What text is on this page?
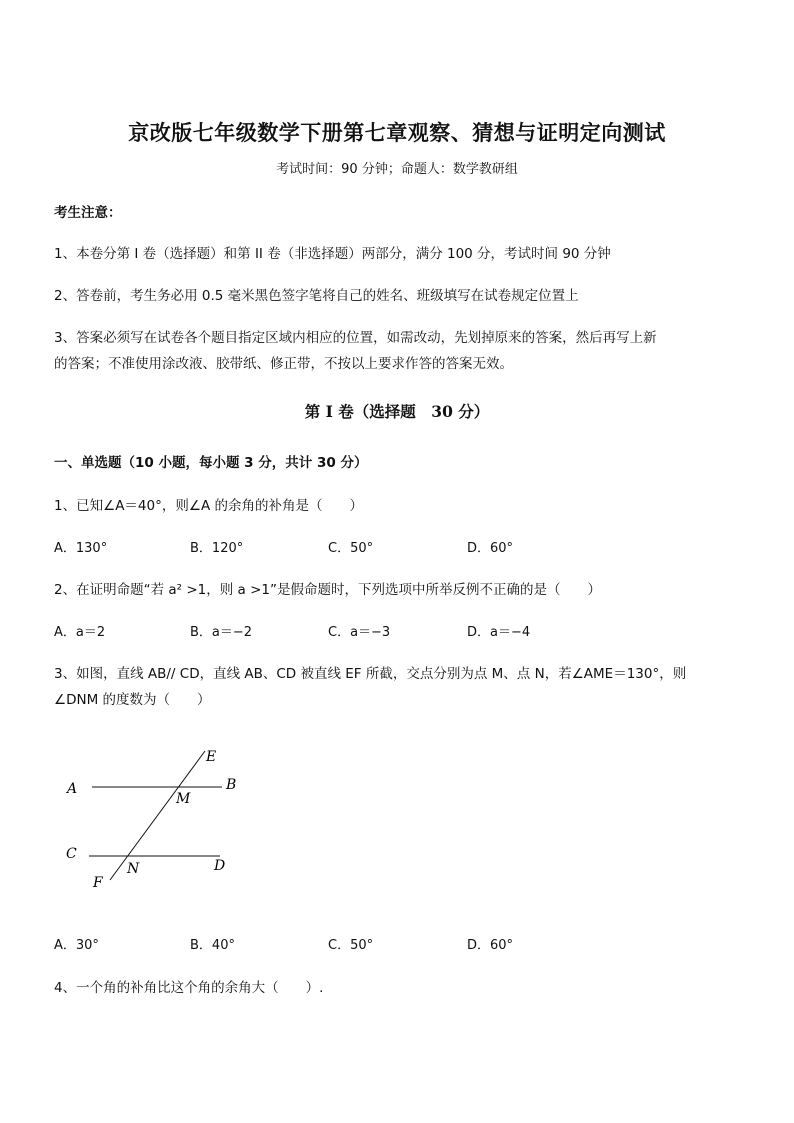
京改版七年级数学下册第七章观察、猜想与证明定向测试
考试时间：90 分钟；命题人：数学教研组
考生注意：
1、本卷分第 I 卷（选择题）和第 II 卷（非选择题）两部分，满分 100 分，考试时间 90 分钟
2、答卷前，考生务必用 0.5 毫米黑色签字笔将自己的姓名、班级填写在试卷规定位置上
3、答案必须写在试卷各个题目指定区域内相应的位置，如需改动，先划掉原来的答案，然后再写上新
的答案；不准使用涂改液、胶带纸、修正带，不按以上要求作答的答案无效。
第 I 卷（选择题　30 分）
一、单选题（10 小题，每小题 3 分，共计 30 分）
1、已知∠A＝40°，则∠A 的余角的补角是（　　）
A．130°	B．120°	C．50°	D．60°
2、在证明命题“若 a² >1，则 a >1”是假命题时，下列选项中所举反例不正确的是（　　）
A．a＝2	B．a＝−2	C．a＝−3	D．a＝−4
3、如图，直线 AB// CD，直线 AB、CD 被直线 EF 所截，交点分别为点 M、点 N，若∠AME＝130°，则
∠DNM 的度数为（　　）
E
A
M
B
C
N	D
F
A．30°	B．40°	C．50°	D．60°
4、一个角的补角比这个角的余角大（　　）.
